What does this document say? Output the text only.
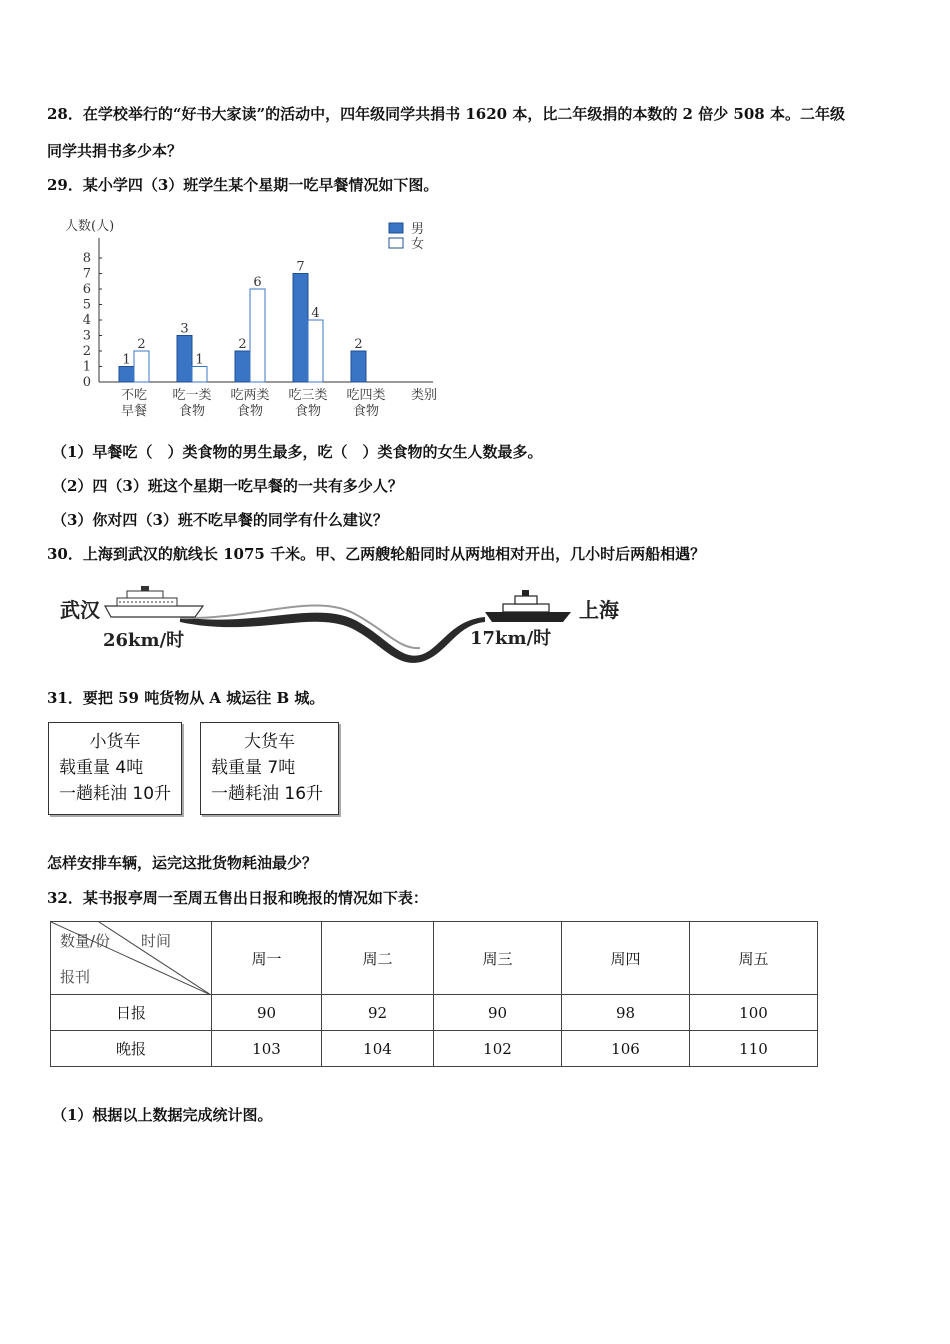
28．在学校举行的“好书大家读”的活动中，四年级同学共捐书 1620 本，比二年级捐的本数的 2 倍少 508 本。二年级
同学共捐书多少本？
29．某小学四（3）班学生某个星期一吃早餐情况如下图。
人数(人)
0
1
2
3
4
5
6
7
8
1
2
3
1
2
6
7
4
2
不吃
早餐
吃一类
食物
吃两类
食物
吃三类
食物
吃四类
食物
类别
男
女
（1）早餐吃（　）类食物的男生最多，吃（　）类食物的女生人数最多。
（2）四（3）班这个星期一吃早餐的一共有多少人？
（3）你对四（3）班不吃早餐的同学有什么建议？
30．上海到武汉的航线长 1075 千米。甲、乙两艘轮船同时从两地相对开出，几小时后两船相遇？
武汉
26km/时
上海
17km/时
31．要把 59 吨货物从 A 城运往 B 城。
小货车
载重量 4吨
一趟耗油 10升
大货车
载重量 7吨
一趟耗油 16升
怎样安排车辆，运完这批货物耗油最少？
32．某书报亭周一至周五售出日报和晚报的情况如下表：
数量/份 时间
报刊	周一	周二	周三	周四	周五
日报	90	92	90	98	100
晚报	103	104	102	106	110
（1）根据以上数据完成统计图。
